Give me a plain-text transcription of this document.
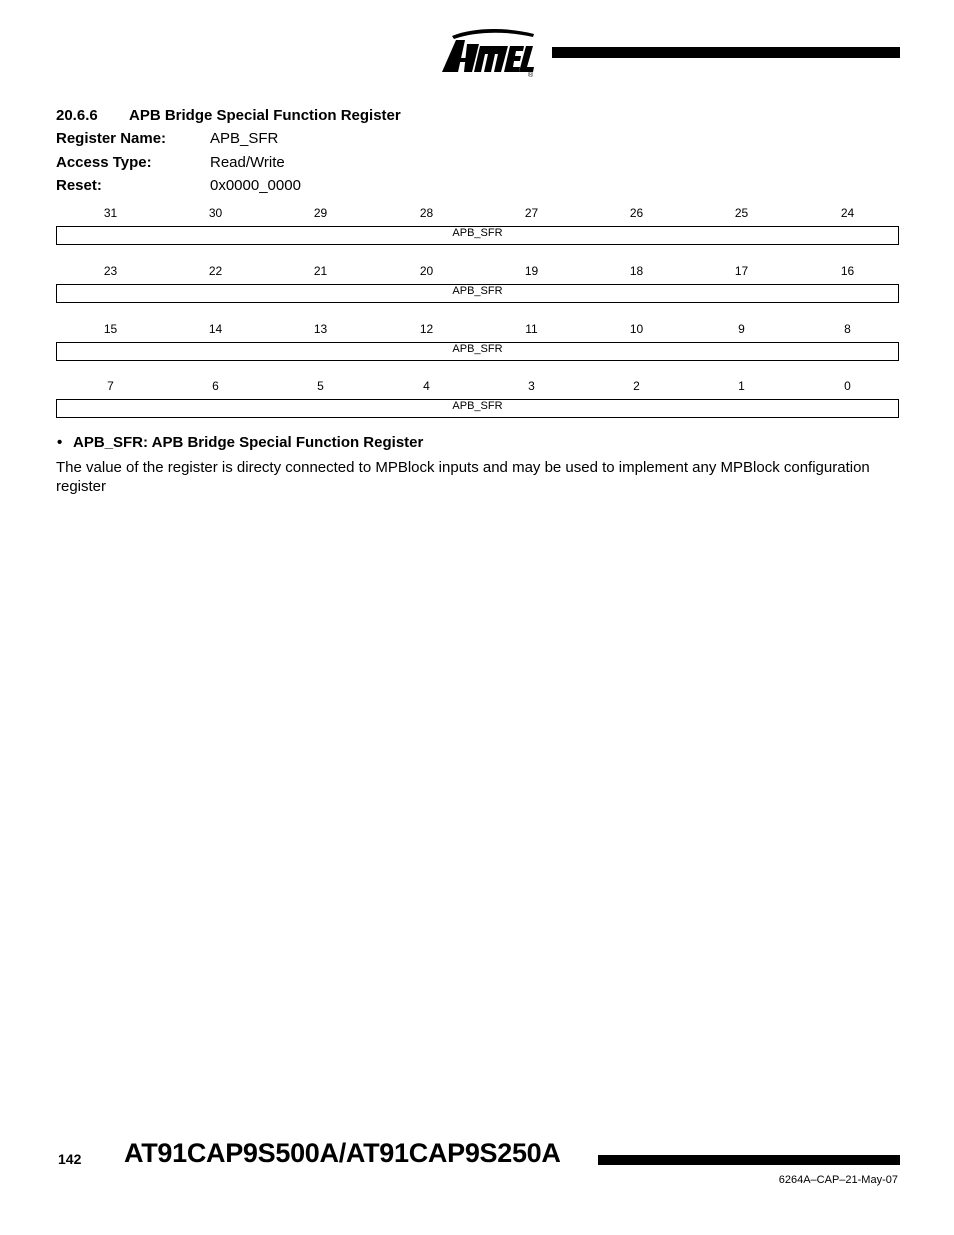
®
20.6.6 APB Bridge Special Function Register
Register Name:	APB_SFR
Access Type:	Read/Write
Reset:	0x0000_0000
31	30	29	28	27	26	25	24
APB_SFR
23	22	21	20	19	18	17	16
APB_SFR
15	14	13	12	11	10	9	8
APB_SFR
7	6	5	4	3	2	1	0
APB_SFR
• APB_SFR: APB Bridge Special Function Register
The value of the register is directy connected to MPBlock inputs and may be used to implement any MPBlock configuration register
142 AT91CAP9S500A/AT91CAP9S250A
6264A–CAP–21-May-07
